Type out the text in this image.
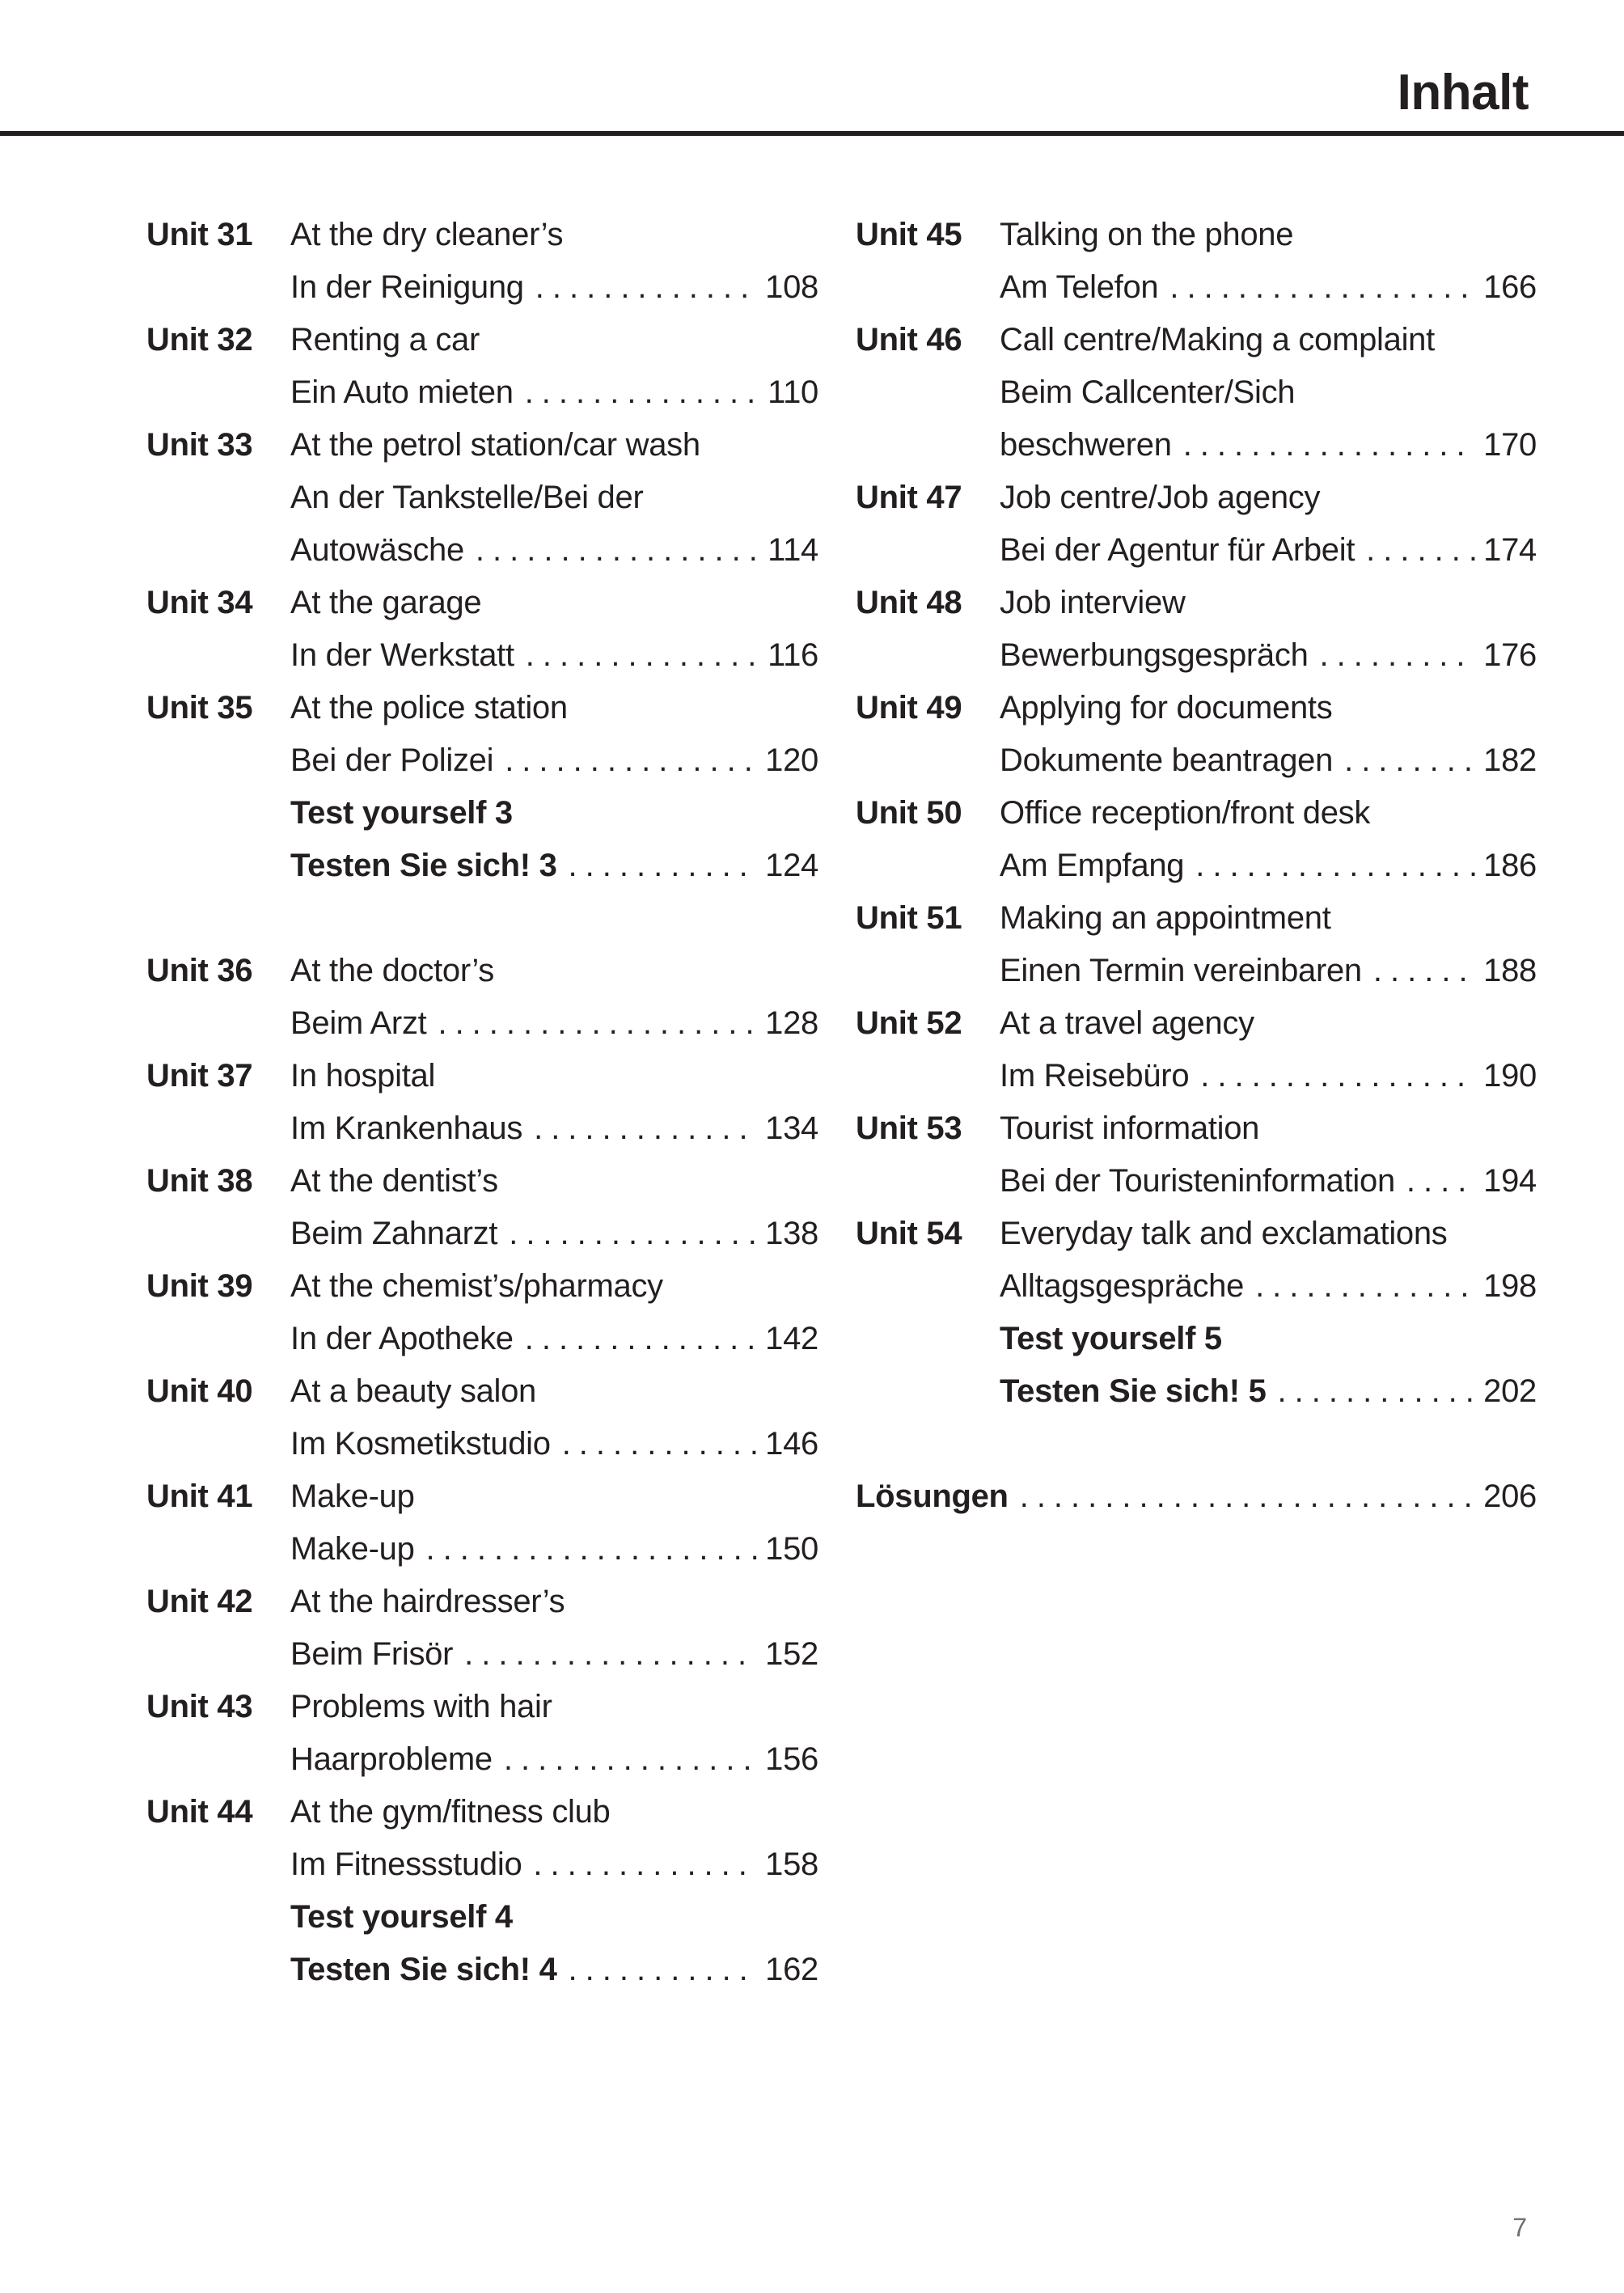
Inhalt
Unit 31	At the dry cleaner’s
In der Reinigung .....	108
Unit 32	Renting a car
Ein Auto mieten .....	110
Unit 33	At the petrol station/car wash
An der Tankstelle/Bei der
Autowäsche .....	114
Unit 34	At the garage
In der Werkstatt .....	116
Unit 35	At the police station
Bei der Polizei .....	120
Test yourself 3
Testen Sie sich! 3 .....	124
Unit 36	At the doctor’s
Beim Arzt .....	128
Unit 37	In hospital
Im Krankenhaus .....	134
Unit 38	At the dentist’s
Beim Zahnarzt .....	138
Unit 39	At the chemist’s/pharmacy
In der Apotheke .....	142
Unit 40	At a beauty salon
Im Kosmetikstudio .....	146
Unit 41	Make-up
Make-up .....	150
Unit 42	At the hairdresser’s
Beim Frisör .....	152
Unit 43	Problems with hair
Haarprobleme .....	156
Unit 44	At the gym/fitness club
Im Fitnessstudio .....	158
Test yourself 4
Testen Sie sich! 4 .....	162
Unit 45	Talking on the phone
Am Telefon .....	166
Unit 46	Call centre/Making a complaint
Beim Callcenter/Sich
beschweren .....	170
Unit 47	Job centre/Job agency
Bei der Agentur für Arbeit .....	174
Unit 48	Job interview
Bewerbungsgespräch .....	176
Unit 49	Applying for documents
Dokumente beantragen .....	182
Unit 50	Office reception/front desk
Am Empfang .....	186
Unit 51	Making an appointment
Einen Termin vereinbaren .....	188
Unit 52	At a travel agency
Im Reisebüro .....	190
Unit 53	Tourist information
Bei der Touristeninformation .....	194
Unit 54	Everyday talk and exclamations
Alltagsgespräche .....	198
Test yourself 5
Testen Sie sich! 5 .....	202
Lösungen .....	206
7
